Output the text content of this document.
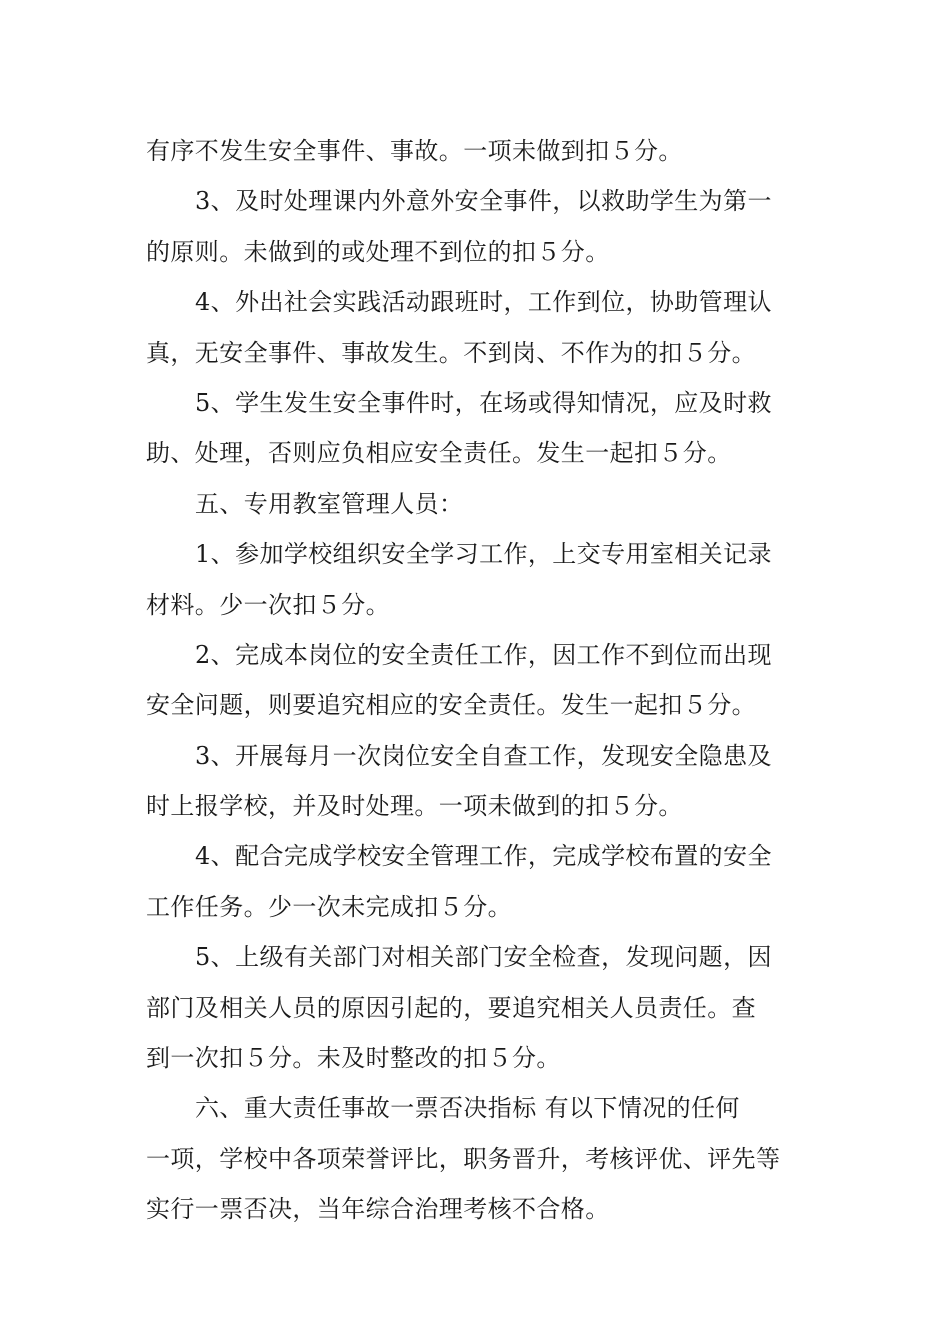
有序不发生安全事件、事故。一项未做到扣５分。
3、及时处理课内外意外安全事件，以救助学生为第一
的原则。未做到的或处理不到位的扣５分。
4、外出社会实践活动跟班时，工作到位，协助管理认
真，无安全事件、事故发生。不到岗、不作为的扣５分。
5、学生发生安全事件时，在场或得知情况，应及时救
助、处理，否则应负相应安全责任。发生一起扣５分。
五、专用教室管理人员：
1、参加学校组织安全学习工作，上交专用室相关记录
材料。少一次扣５分。
2、完成本岗位的安全责任工作，因工作不到位而出现
安全问题，则要追究相应的安全责任。发生一起扣５分。
3、开展每月一次岗位安全自查工作，发现安全隐患及
时上报学校，并及时处理。一项未做到的扣５分。
4、配合完成学校安全管理工作，完成学校布置的安全
工作任务。少一次未完成扣５分。
5、上级有关部门对相关部门安全检查，发现问题，因
部门及相关人员的原因引起的，要追究相关人员责任。查
到一次扣５分。未及时整改的扣５分。
六、重大责任事故一票否决指标 有以下情况的任何
一项，学校中各项荣誉评比，职务晋升，考核评优、评先等
实行一票否决，当年综合治理考核不合格。
